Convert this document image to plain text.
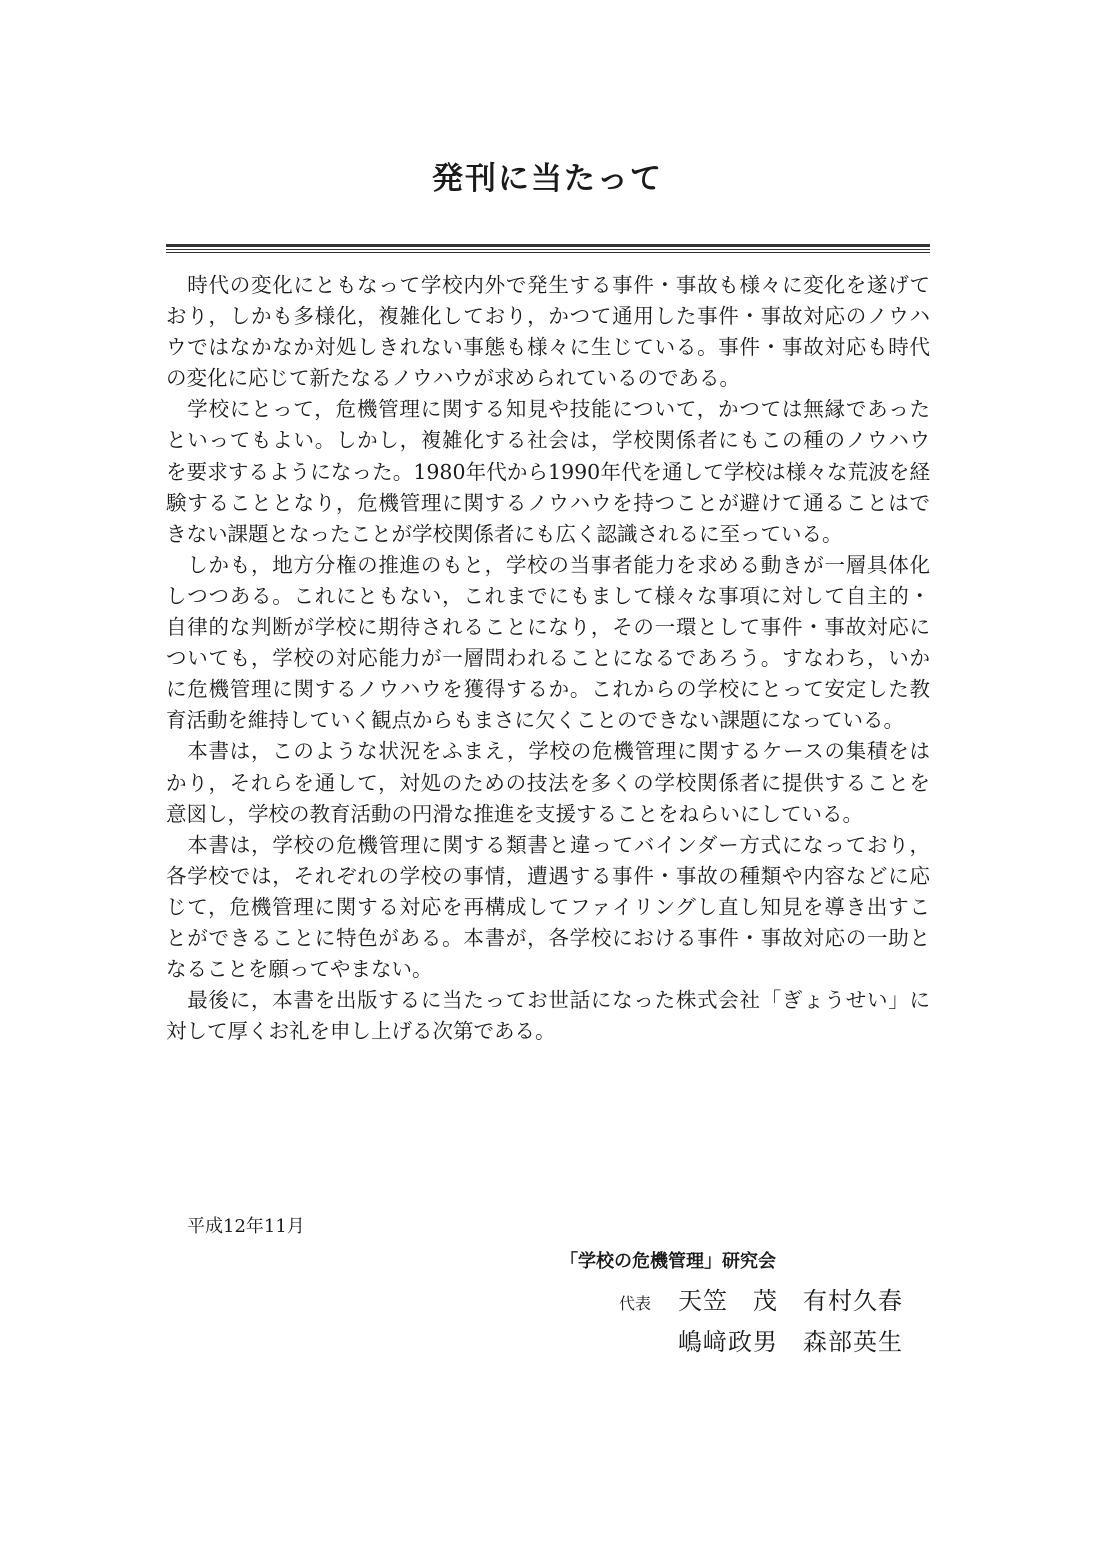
発刊に当たって
　時代の変化にともなって学校内外で発生する事件・事故も様々に変化を遂げて
おり，しかも多様化，複雑化しており，かつて通用した事件・事故対応のノウハ
ウではなかなか対処しきれない事態も様々に生じている。事件・事故対応も時代
の変化に応じて新たなるノウハウが求められているのである。
　学校にとって，危機管理に関する知見や技能について，かつては無縁であった
といってもよい。しかし，複雑化する社会は，学校関係者にもこの種のノウハウ
を要求するようになった。1980年代から1990年代を通して学校は様々な荒波を経
験することとなり，危機管理に関するノウハウを持つことが避けて通ることはで
きない課題となったことが学校関係者にも広く認識されるに至っている。
　しかも，地方分権の推進のもと，学校の当事者能力を求める動きが一層具体化
しつつある。これにともない，これまでにもまして様々な事項に対して自主的・
自律的な判断が学校に期待されることになり，その一環として事件・事故対応に
ついても，学校の対応能力が一層問われることになるであろう。すなわち，いか
に危機管理に関するノウハウを獲得するか。これからの学校にとって安定した教
育活動を維持していく観点からもまさに欠くことのできない課題になっている。
　本書は，このような状況をふまえ，学校の危機管理に関するケースの集積をは
かり，それらを通して，対処のための技法を多くの学校関係者に提供することを
意図し，学校の教育活動の円滑な推進を支援することをねらいにしている。
　本書は，学校の危機管理に関する類書と違ってバインダー方式になっており，
各学校では，それぞれの学校の事情，遭遇する事件・事故の種類や内容などに応
じて，危機管理に関する対応を再構成してファイリングし直し知見を導き出すこ
とができることに特色がある。本書が，各学校における事件・事故対応の一助と
なることを願ってやまない。
　最後に，本書を出版するに当たってお世話になった株式会社「ぎょうせい」に
対して厚くお礼を申し上げる次第である。
平成12年11月
「学校の危機管理」研究会
代表 天笠　茂　有村久春
嶋﨑政男　森部英生
